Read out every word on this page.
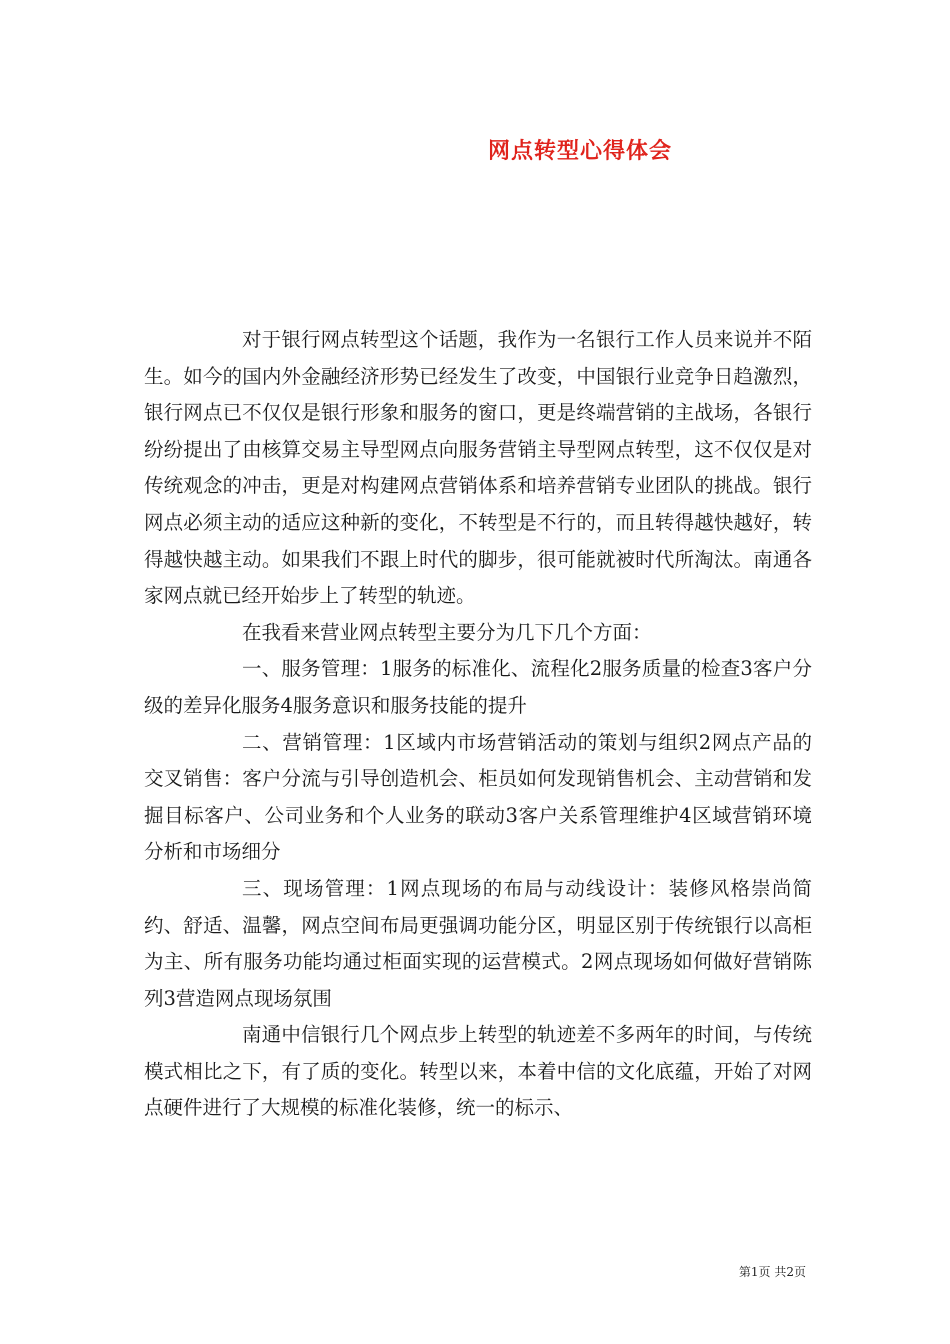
网点转型心得体会

对于银行网点转型这个话题，我作为一名银行工作人员来说并不陌生。如今的国内外金融经济形势已经发生了改变，中国银行业竞争日趋激烈，银行网点已不仅仅是银行形象和服务的窗口，更是终端营销的主战场，各银行纷纷提出了由核算交易主导型网点向服务营销主导型网点转型，这不仅仅是对传统观念的冲击，更是对构建网点营销体系和培养营销专业团队的挑战。银行网点必须主动的适应这种新的变化，不转型是不行的，而且转得越快越好，转得越快越主动。如果我们不跟上时代的脚步，很可能就被时代所淘汰。南通各家网点就已经开始步上了转型的轨迹。

在我看来营业网点转型主要分为几下几个方面：

一、服务管理：1服务的标准化、流程化2服务质量的检查3客户分级的差异化服务4服务意识和服务技能的提升

二、营销管理：1区域内市场营销活动的策划与组织2网点产品的交叉销售：客户分流与引导创造机会、柜员如何发现销售机会、主动营销和发掘目标客户、公司业务和个人业务的联动3客户关系管理维护4区域营销环境分析和市场细分

三、现场管理：1网点现场的布局与动线设计：装修风格崇尚简约、舒适、温馨，网点空间布局更强调功能分区，明显区别于传统银行以高柜为主、所有服务功能均通过柜面实现的运营模式。2网点现场如何做好营销陈列3营造网点现场氛围

南通中信银行几个网点步上转型的轨迹差不多两年的时间，与传统模式相比之下，有了质的变化。转型以来，本着中信的文化底蕴，开始了对网点硬件进行了大规模的标准化装修，统一的标示、

第1页 共2页
